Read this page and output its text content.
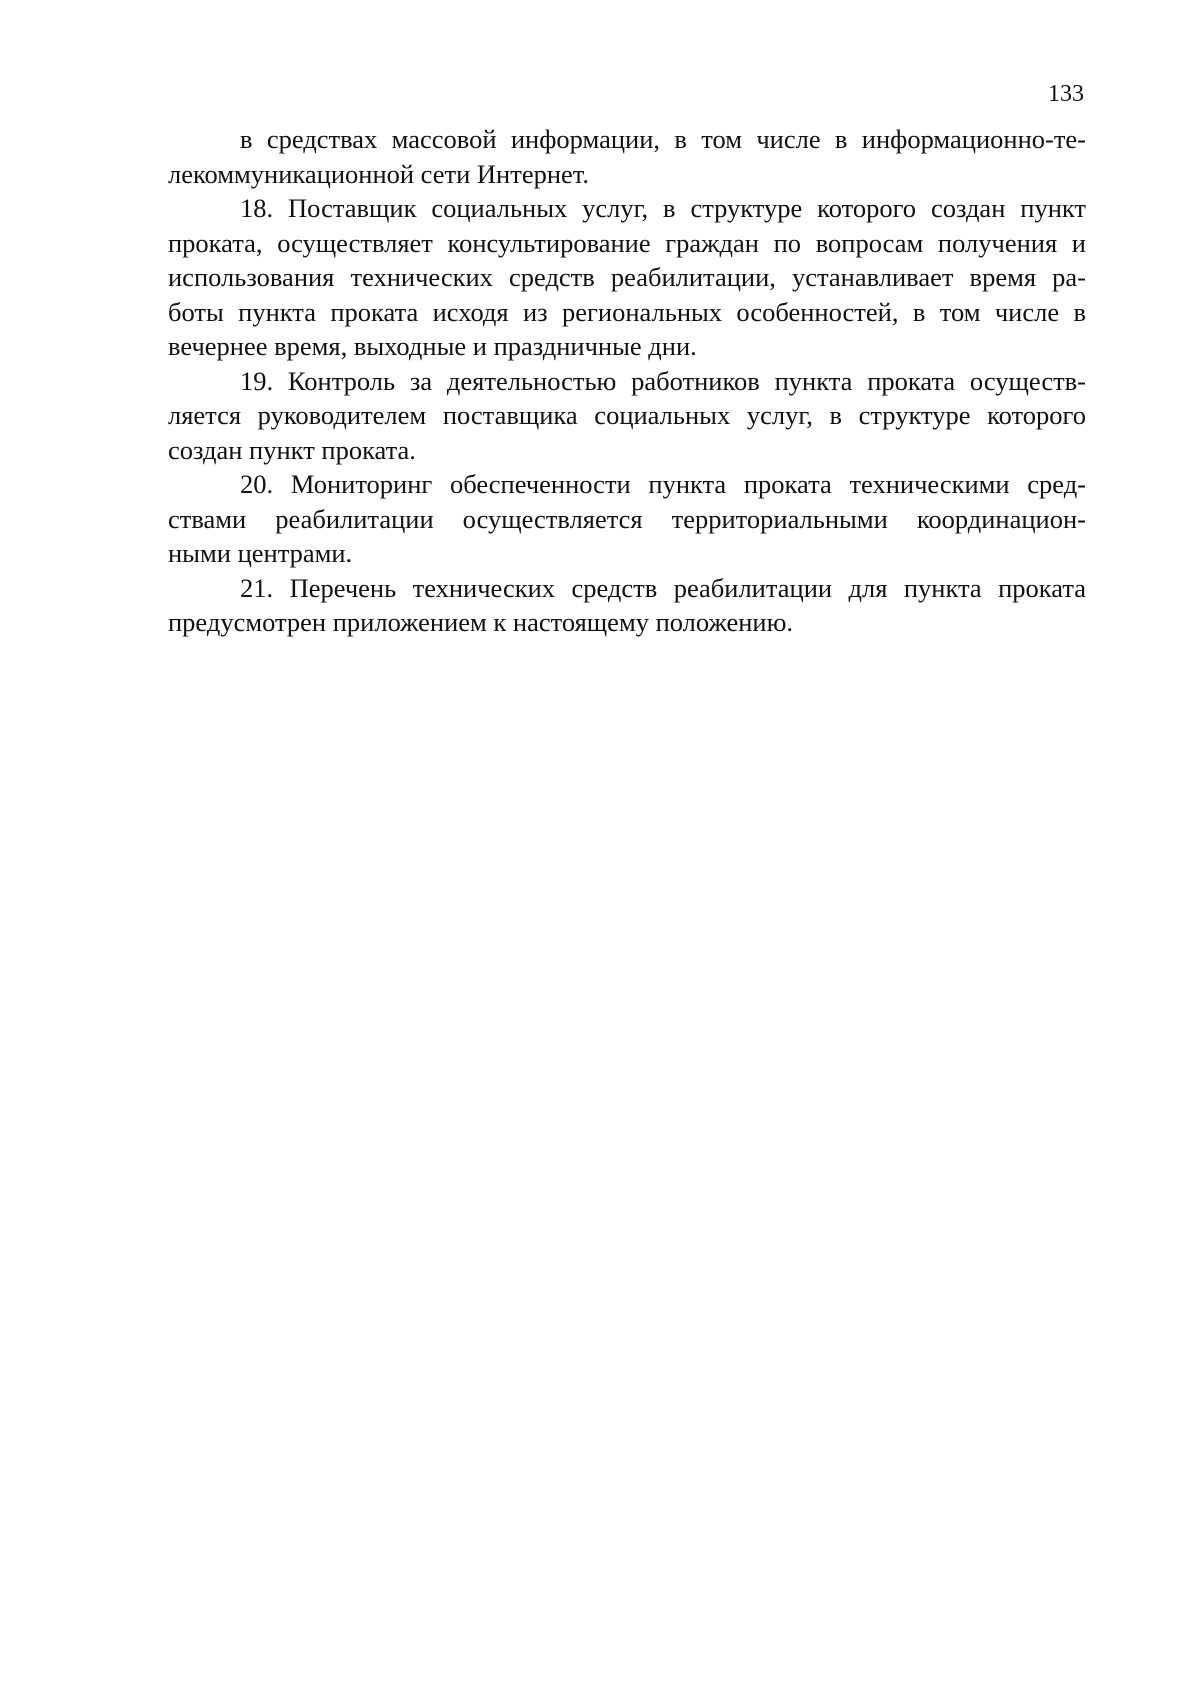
133

в средствах массовой информации, в том числе в информационно-те-
лекоммуникационной сети Интернет.

18. Поставщик социальных услуг, в структуре которого создан пункт
проката, осуществляет консультирование граждан по вопросам получения и
использования технических средств реабилитации, устанавливает время ра-
боты пункта проката исходя из региональных особенностей, в том числе в
вечернее время, выходные и праздничные дни.

19. Контроль за деятельностью работников пункта проката осуществ-
ляется руководителем поставщика социальных услуг, в структуре которого
создан пункт проката.

20. Мониторинг обеспеченности пункта проката техническими сред-
ствами реабилитации осуществляется территориальными координацион-
ными центрами.

21. Перечень технических средств реабилитации для пункта проката
предусмотрен приложением к настоящему положению.
